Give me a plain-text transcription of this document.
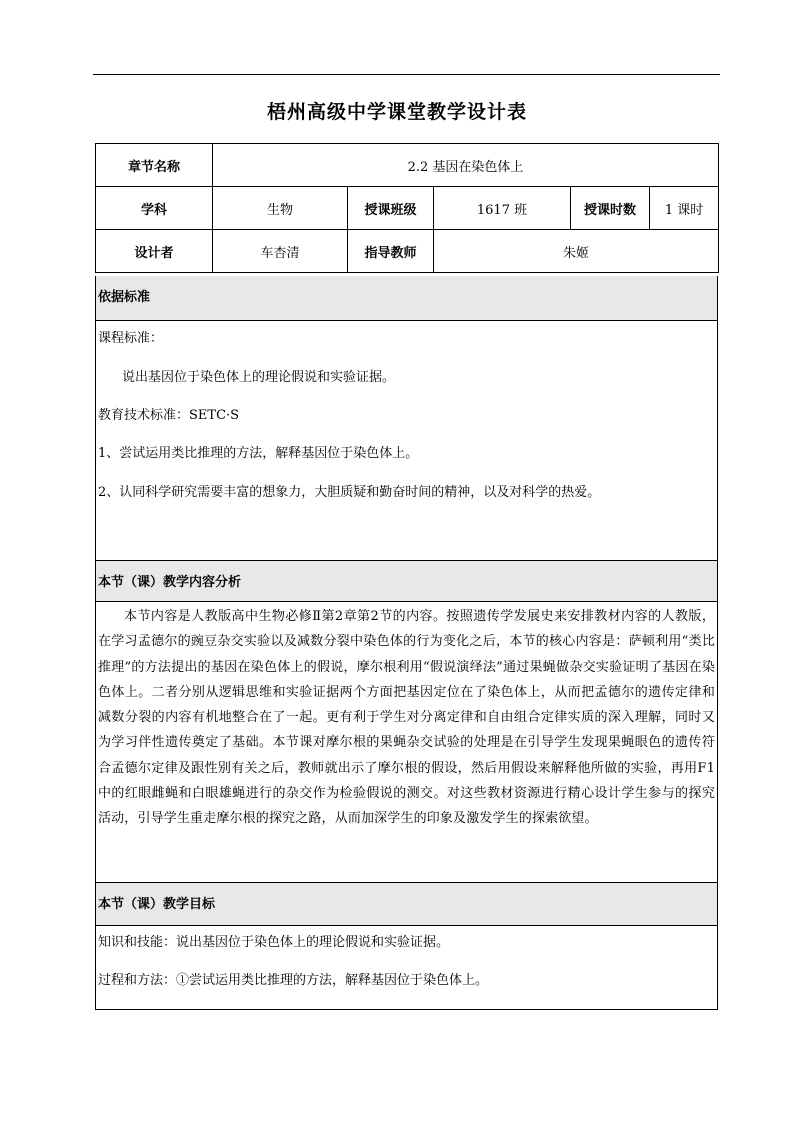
梧州高级中学课堂教学设计表
章节名称	2.2 基因在染色体上				
学科	生物	授课班级	1617 班	授课时数	1 课时
设计者	车杏清	指导教师	朱姬		
依据标准
课程标准：
说出基因位于染色体上的理论假说和实验证据。
教育技术标准：SETC·S
1、尝试运用类比推理的方法，解释基因位于染色体上。
2、认同科学研究需要丰富的想象力，大胆质疑和勤奋时间的精神，以及对科学的热爱。
本节（课）教学内容分析
本节内容是人教版高中生物必修Ⅱ第2章第2节的内容。按照遗传学发展史来安排教材内容的人教版，在学习孟德尔的豌豆杂交实验以及减数分裂中染色体的行为变化之后，本节的核心内容是：萨顿利用“类比推理”的方法提出的基因在染色体上的假说，摩尔根利用“假说演绎法”通过果蝇做杂交实验证明了基因在染色体上。二者分别从逻辑思维和实验证据两个方面把基因定位在了染色体上，从而把孟德尔的遗传定律和减数分裂的内容有机地整合在了一起。更有利于学生对分离定律和自由组合定律实质的深入理解，同时又为学习伴性遗传奠定了基础。本节课对摩尔根的果蝇杂交试验的处理是在引导学生发现果蝇眼色的遗传符合孟德尔定律及跟性别有关之后，教师就出示了摩尔根的假设，然后用假设来解释他所做的实验，再用F1 中的红眼雌蝇和白眼雄蝇进行的杂交作为检验假说的测交。对这些教材资源进行精心设计学生参与的探究活动，引导学生重走摩尔根的探究之路，从而加深学生的印象及激发学生的探索欲望。
本节（课）教学目标
知识和技能：说出基因位于染色体上的理论假说和实验证据。
过程和方法：①尝试运用类比推理的方法，解释基因位于染色体上。
